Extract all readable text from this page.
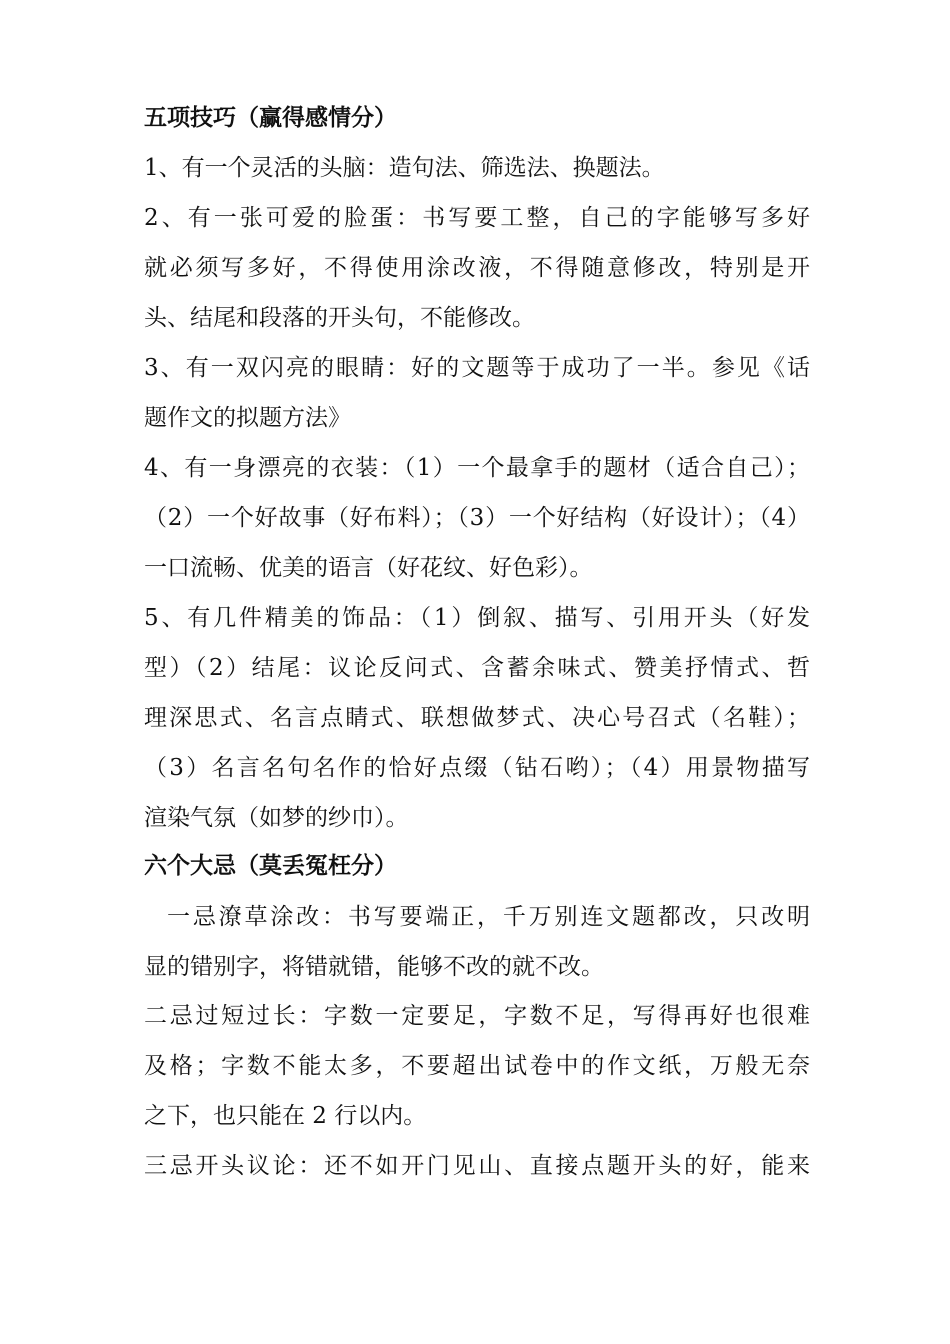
五项技巧（赢得感情分）
1、有一个灵活的头脑：造句法、筛选法、换题法。
2、有一张可爱的脸蛋：书写要工整，自己的字能够写多好
就必须写多好，不得使用涂改液，不得随意修改，特别是开
头、结尾和段落的开头句，不能修改。
3、有一双闪亮的眼睛：好的文题等于成功了一半。参见《话
题作文的拟题方法》
4、有一身漂亮的衣装：（1）一个最拿手的题材（适合自己）；
（2）一个好故事（好布料）；（3）一个好结构（好设计）；（4）
一口流畅、优美的语言（好花纹、好色彩）。
5、有几件精美的饰品：（1）倒叙、描写、引用开头（好发
型）（2）结尾：议论反问式、含蓄余味式、赞美抒情式、哲
理深思式、名言点睛式、联想做梦式、决心号召式（名鞋）；
（3）名言名句名作的恰好点缀（钻石哟）；（4）用景物描写
渲染气氛（如梦的纱巾）。
六个大忌（莫丢冤枉分）
一忌潦草涂改：书写要端正，千万别连文题都改，只改明
显的错别字，将错就错，能够不改的就不改。
二忌过短过长：字数一定要足，字数不足，写得再好也很难
及格；字数不能太多，不要超出试卷中的作文纸，万般无奈
之下，也只能在 2 行以内。
三忌开头议论：还不如开门见山、直接点题开头的好，能来
